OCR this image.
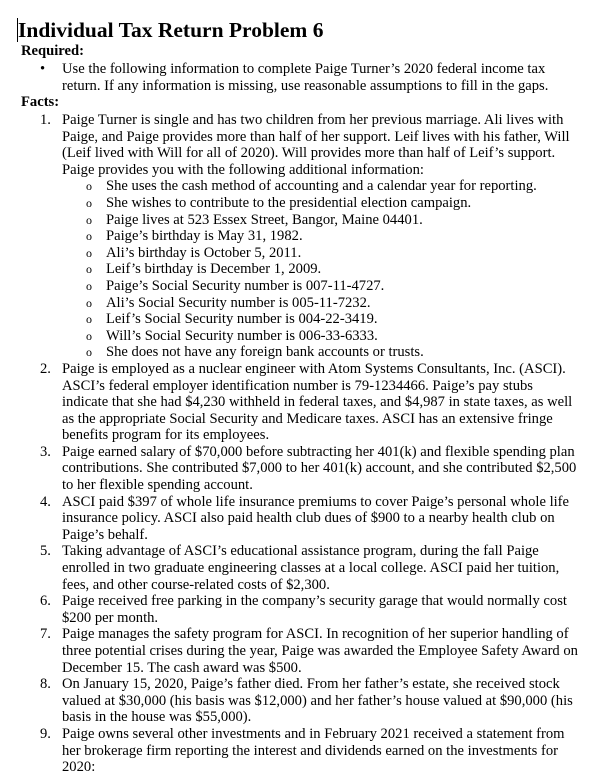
Individual Tax Return Problem 6

Required:

• Use the following information to complete Paige Turner’s 2020 federal income tax return. If any information is missing, use reasonable assumptions to fill in the gaps.

Facts:

1. Paige Turner is single and has two children from her previous marriage. Ali lives with Paige, and Paige provides more than half of her support. Leif lives with his father, Will (Leif lived with Will for all of 2020). Will provides more than half of Leif’s support. Paige provides you with the following additional information:
o She uses the cash method of accounting and a calendar year for reporting.
o She wishes to contribute to the presidential election campaign.
o Paige lives at 523 Essex Street, Bangor, Maine 04401.
o Paige’s birthday is May 31, 1982.
o Ali’s birthday is October 5, 2011.
o Leif’s birthday is December 1, 2009.
o Paige’s Social Security number is 007-11-4727.
o Ali’s Social Security number is 005-11-7232.
o Leif’s Social Security number is 004-22-3419.
o Will’s Social Security number is 006-33-6333.
o She does not have any foreign bank accounts or trusts.
2. Paige is employed as a nuclear engineer with Atom Systems Consultants, Inc. (ASCI). ASCI’s federal employer identification number is 79-1234466. Paige’s pay stubs indicate that she had $4,230 withheld in federal taxes, and $4,987 in state taxes, as well as the appropriate Social Security and Medicare taxes. ASCI has an extensive fringe benefits program for its employees.
3. Paige earned salary of $70,000 before subtracting her 401(k) and flexible spending plan contributions. She contributed $7,000 to her 401(k) account, and she contributed $2,500 to her flexible spending account.
4. ASCI paid $397 of whole life insurance premiums to cover Paige’s personal whole life insurance policy. ASCI also paid health club dues of $900 to a nearby health club on Paige’s behalf.
5. Taking advantage of ASCI’s educational assistance program, during the fall Paige enrolled in two graduate engineering classes at a local college. ASCI paid her tuition, fees, and other course-related costs of $2,300.
6. Paige received free parking in the company’s security garage that would normally cost $200 per month.
7. Paige manages the safety program for ASCI. In recognition of her superior handling of three potential crises during the year, Paige was awarded the Employee Safety Award on December 15. The cash award was $500.
8. On January 15, 2020, Paige’s father died. From her father’s estate, she received stock valued at $30,000 (his basis was $12,000) and her father’s house valued at $90,000 (his basis in the house was $55,000).
9. Paige owns several other investments and in February 2021 received a statement from her brokerage firm reporting the interest and dividends earned on the investments for 2020:
